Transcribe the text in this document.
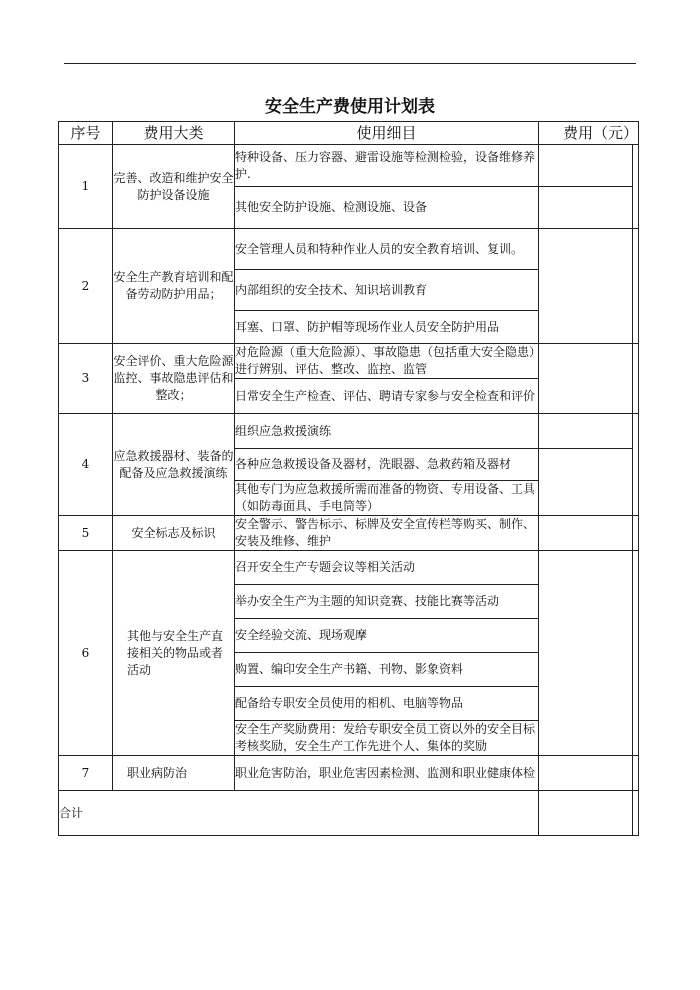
安全生产费使用计划表
序号	费用大类	使用细目	费用（元）	
1	完善、改造和维护安全防护设备设施	特种设备、压力容器、避雷设施等检测检验，设备维修养护.		
		其他安全防护设施、检测设施、设备		
2	安全生产教育培训和配备劳动防护用品；	安全管理人员和特种作业人员的安全教育培训、复训。		
		内部组织的安全技术、知识培训教育		
		耳塞、口罩、防护帽等现场作业人员安全防护用品		
3	安全评价、重大危险源监控、事故隐患评估和整改；	对危险源（重大危险源）、事故隐患（包括重大安全隐患）进行辨别、评估、整改、监控、监管		
		日常安全生产检查、评估、聘请专家参与安全检查和评价		
4	应急救援器材、装备的配备及应急救援演练	组织应急救援演练		
		各种应急救援设备及器材，洗眼器、急救药箱及器材		
		其他专门为应急救援所需而准备的物资、专用设备、工具（如防毒面具、手电筒等）		
5	安全标志及标识	安全警示、警告标示、标牌及安全宣传栏等购买、制作、安装及维修、维护		
6	其他与安全生产直接相关的物品或者活动	召开安全生产专题会议等相关活动		
		举办安全生产为主题的知识竞赛、技能比赛等活动		
		安全经验交流、现场观摩		
		购置、编印安全生产书籍、刊物、影象资料		
		配备给专职安全员使用的相机、电脑等物品		
		安全生产奖励费用：发给专职安全员工资以外的安全目标考核奖励，安全生产工作先进个人、集体的奖励		
7	职业病防治	职业危害防治，职业危害因素检测、监测和职业健康体检		
合计				
